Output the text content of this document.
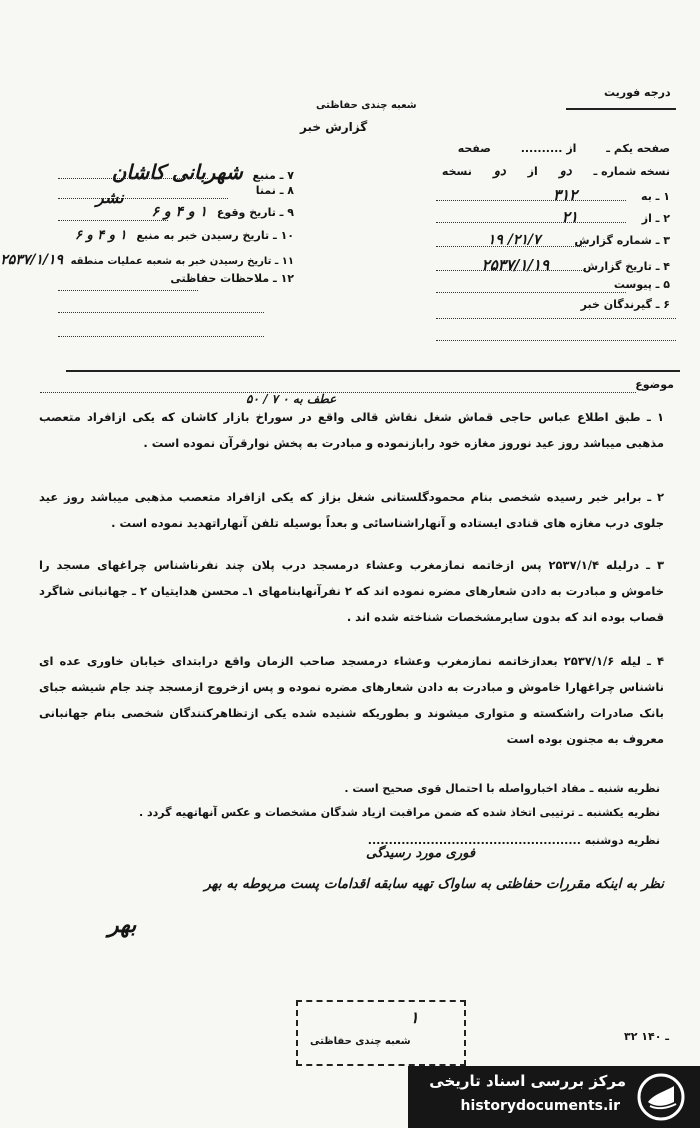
درجه فوریت
شعبه چندی حفاظتی
گزارش خبر
صفحه یکم ـ از .......... صفحه
نسخه شماره ـ دو از دو نسخه
۱ ـ به ۳۱۲
۲ ـ از ۲۱
۳ ـ شماره گزارش ۲۱/۷/ ۱۹
۴ ـ تاریخ گزارش ۲۵۳۷/۱/۱۹
۵ ـ پیوست
۶ ـ گیرندگان خبر
۷ ـ منبع شهربانی کاشان
۸ ـ نمنا
۹ ـ تاریخ وقوع ۱ و ۴ و ۶
۱۰ ـ تاریخ رسیدن خبر به منبع ۱ و ۴ و ۶
۱۱ ـ تاریخ رسیدن خبر به شعبه عملیات منطقه ۲۵۳۷/۱/۱۹
۱۲ ـ ملاحظات حفاظتی
موضوع
عطف به ۰ ۷ / ۵۰
۱ ـ طبق اطلاع عباس حاجی قماش شغل نقاش قالی واقع در سوراخ بازار کاشان که یکی ازافراد متعصب مذهبی میباشد روز عید نوروز مغازه خود رابازنموده و مبادرت به پخش نوارقرآن نموده است .
۲ ـ برابر خبر رسیده شخصی بنام محمودگلستانی شغل بزاز که یکی ازافراد متعصب مذهبی میباشد روز عید جلوی درب مغازه های قنادی ایستاده و آنهاراشناسائی و بعداً بوسیله تلفن آنهاراتهدید نموده است .
۳ ـ درلیله ۲۵۳۷/۱/۴ پس ازخاتمه نمازمغرب وعشاء درمسجد درب پلان چند نفرناشناس چراغهای مسجد را خاموش و مبادرت به دادن شعارهای مضره نموده اند که ۲ نفرآنهابنامهای ۱ـ محسن هدایتیان ۲ ـ جهانبانی شاگرد قصاب بوده اند که بدون سایرمشخصات شناخته شده اند .
۴ ـ لیله ۲۵۳۷/۱/۶ بعدازخاتمه نمازمغرب وعشاء درمسجد صاحب الزمان واقع درابتدای خیابان خاوری عده ای ناشناس چراغهارا خاموش و مبادرت به دادن شعارهای مضره نموده و پس ازخروج ازمسجد چند جام شیشه جبای بانک صادرات راشکسته و متواری میشوند و بطوریکه شنیده شده یکی ازتظاهرکنندگان شخصی بنام جهانبانی معروف به مجنون بوده است
نظریه شنبه ـ مفاد اخبارواصله با احتمال قوی صحیح است .
نظریه یکشنبه ـ ترتیبی اتخاذ شده که ضمن مراقبت ازیاد شدگان مشخصات و عکس آنهاتهیه گردد .
نظریه دوشنبه ...................................................
فوری مورد رسیدگی
نظر به اینکه مقررات حفاظتی به ساواک تهیه سابقه اقدامات پست مربوطه به بهر
بهر
نشر
۱
شعبه چندی حفاظتی	۳۲ ـ ۱۴۰
مرکز بررسی اسناد تاریخی
historydocuments.ir
